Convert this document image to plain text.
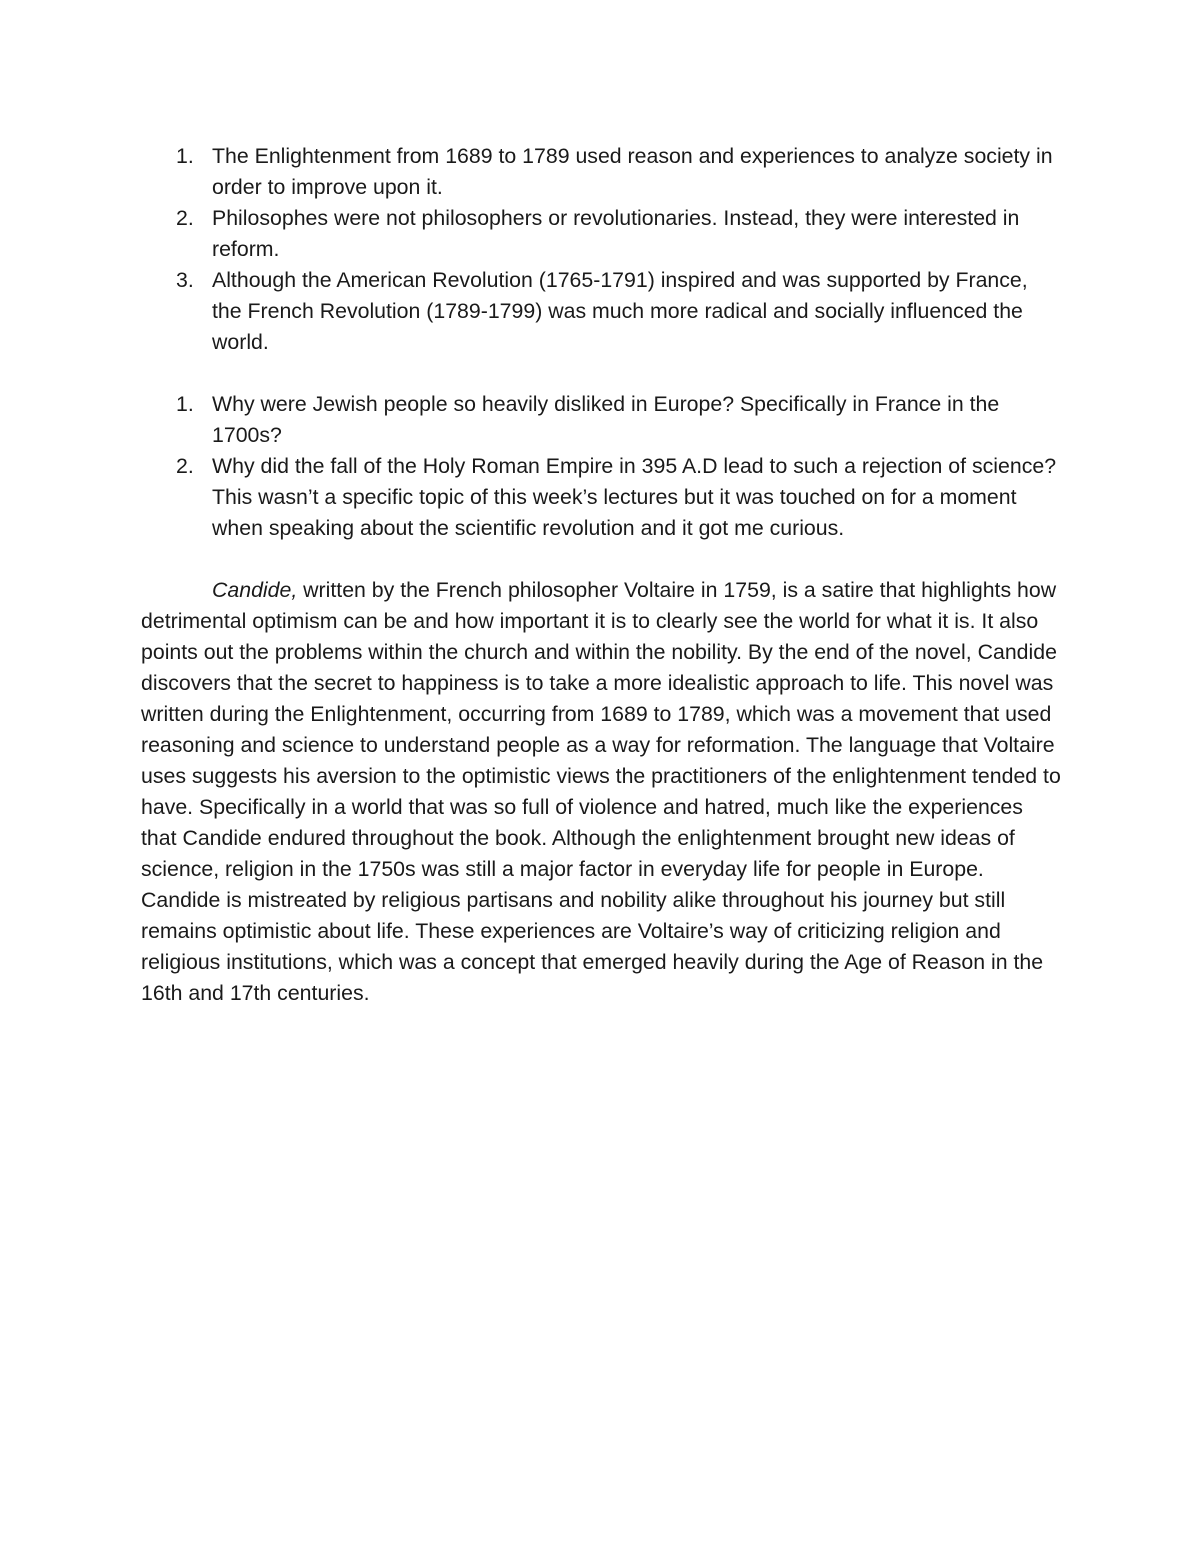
1. The Enlightenment from 1689 to 1789 used reason and experiences to analyze society in order to improve upon it.
2. Philosophes were not philosophers or revolutionaries. Instead, they were interested in reform.
3. Although the American Revolution (1765-1791) inspired and was supported by France, the French Revolution (1789-1799) was much more radical and socially influenced the world.
1. Why were Jewish people so heavily disliked in Europe? Specifically in France in the 1700s?
2. Why did the fall of the Holy Roman Empire in 395 A.D lead to such a rejection of science? This wasn’t a specific topic of this week’s lectures but it was touched on for a moment when speaking about the scientific revolution and it got me curious.

Candide, written by the French philosopher Voltaire in 1759, is a satire that highlights how detrimental optimism can be and how important it is to clearly see the world for what it is. It also points out the problems within the church and within the nobility. By the end of the novel, Candide discovers that the secret to happiness is to take a more idealistic approach to life. This novel was written during the Enlightenment, occurring from 1689 to 1789, which was a movement that used reasoning and science to understand people as a way for reformation. The language that Voltaire uses suggests his aversion to the optimistic views the practitioners of the enlightenment tended to have. Specifically in a world that was so full of violence and hatred, much like the experiences that Candide endured throughout the book. Although the enlightenment brought new ideas of science, religion in the 1750s was still a major factor in everyday life for people in Europe. Candide is mistreated by religious partisans and nobility alike throughout his journey but still remains optimistic about life. These experiences are Voltaire’s way of criticizing religion and religious institutions, which was a concept that emerged heavily during the Age of Reason in the 16th and 17th centuries.
